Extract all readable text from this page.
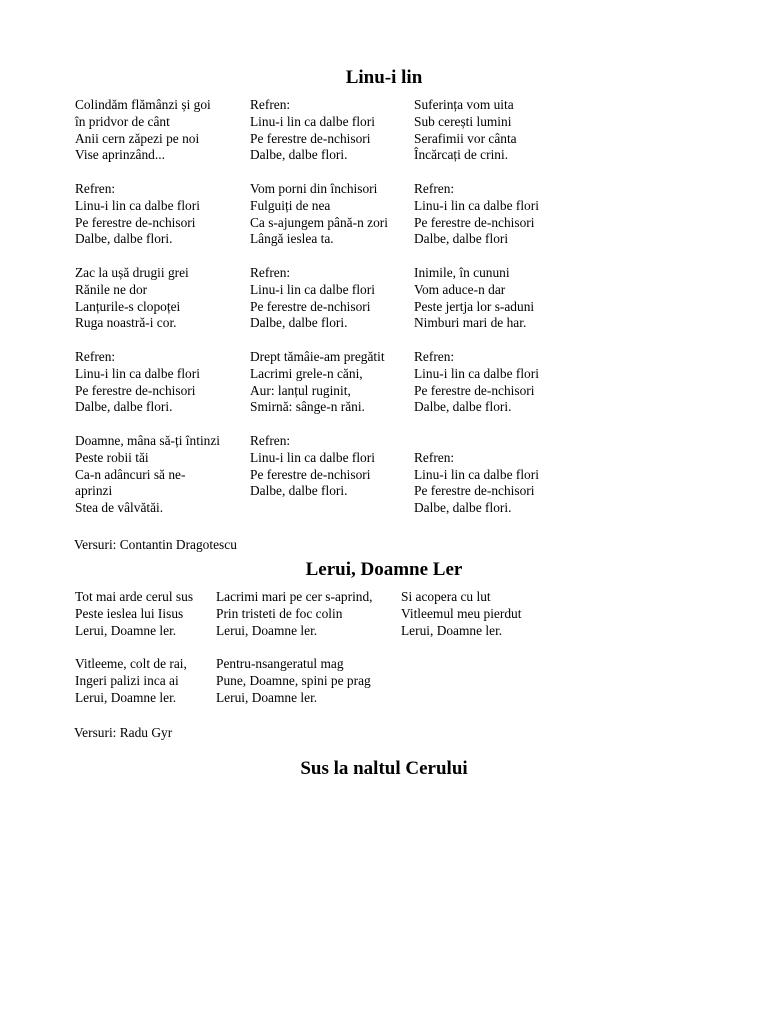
Linu-i lin
Colindăm flămânzi și goi
în pridvor de cânt
Anii cern zăpezi pe noi
Vise aprinzând...
Refren:
Linu-i lin ca dalbe flori
Pe ferestre de-nchisori
Dalbe, dalbe flori.
Zac la ușă drugii grei
Rănile ne dor
Lanțurile-s clopoței
Ruga noastră-i cor.
Refren:
Linu-i lin ca dalbe flori
Pe ferestre de-nchisori
Dalbe, dalbe flori.
Doamne, mâna să-ți întinzi
Peste robii tăi
Ca-n adâncuri să ne-
aprinzi
Stea de vâlvătăi.
Refren:
Linu-i lin ca dalbe flori
Pe ferestre de-nchisori
Dalbe, dalbe flori.
Vom porni din închisori
Fulguiți de nea
Ca s-ajungem până-n zori
Lângă ieslea ta.
Refren:
Linu-i lin ca dalbe flori
Pe ferestre de-nchisori
Dalbe, dalbe flori.
Drept tămâie-am pregătit
Lacrimi grele-n căni,
Aur: lanțul ruginit,
Smirnă: sânge-n răni.
Refren:
Linu-i lin ca dalbe flori
Pe ferestre de-nchisori
Dalbe, dalbe flori.
Suferința vom uita
Sub cerești lumini
Serafimii vor cânta
Încărcați de crini.
Refren:
Linu-i lin ca dalbe flori
Pe ferestre de-nchisori
Dalbe, dalbe flori
Inimile, în cununi
Vom aduce-n dar
Peste jertja lor s-aduni
Nimburi mari de har.
Refren:
Linu-i lin ca dalbe flori
Pe ferestre de-nchisori
Dalbe, dalbe flori.
Refren:
Linu-i lin ca dalbe flori
Pe ferestre de-nchisori
Dalbe, dalbe flori.
Versuri: Contantin Dragotescu
Lerui, Doamne Ler
Tot mai arde cerul sus
Peste ieslea lui Iisus
Lerui, Doamne ler.
Vitleeme, colt de rai,
Ingeri palizi inca ai
Lerui, Doamne ler.
Lacrimi mari pe cer s-aprind,
Prin tristeti de foc colin
Lerui, Doamne ler.
Pentru-nsangeratul mag
Pune, Doamne, spini pe prag
Lerui, Doamne ler.
Si acopera cu lut
Vitleemul meu pierdut
Lerui, Doamne ler.
Versuri: Radu Gyr
Sus la naltul Cerului
